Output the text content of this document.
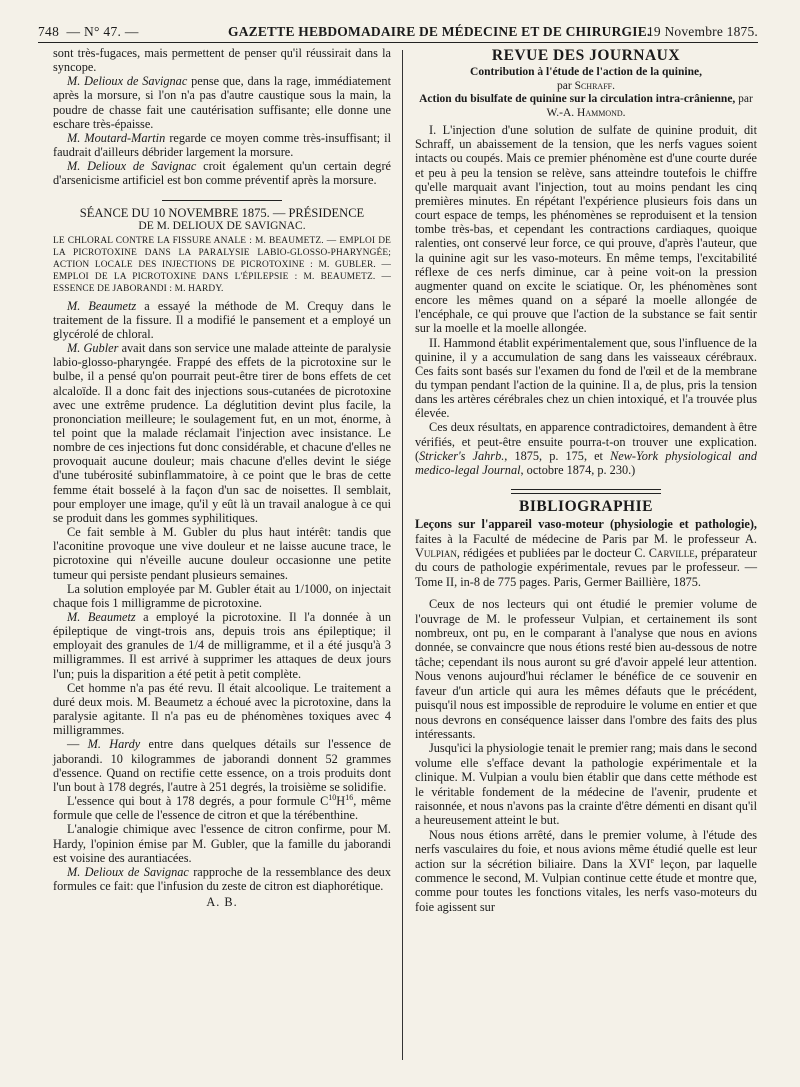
748 — N° 47. —	GAZETTE HEBDOMADAIRE DE MÉDECINE ET DE CHIRURGIE.
19 Novembre 1875.

sont très-fugaces, mais permettent de penser qu'il réussirait dans la syncope.

M. Delioux de Savignac pense que, dans la rage, immédiatement après la morsure, si l'on n'a pas d'autre caustique sous la main, la poudre de chasse fait une cautérisation suffisante; elle donne une eschare très-épaisse.

M. Moutard-Martin regarde ce moyen comme très-insuffisant; il faudrait d'ailleurs débrider largement la morsure.

M. Delioux de Savignac croit également qu'un certain degré d'arsenicisme artificiel est bon comme préventif après la morsure.

SÉANCE DU 10 NOVEMBRE 1875. — PRÉSIDENCE
DE M. DELIOUX DE SAVIGNAC.
LE CHLORAL CONTRE LA FISSURE ANALE : M. BEAUMETZ. — EMPLOI DE LA PICROTOXINE DANS LA PARALYSIE LABIO-GLOSSO-PHARYNGÉE; ACTION LOCALE DES INJECTIONS DE PICROTOXINE : M. GUBLER. — EMPLOI DE LA PICROTOXINE DANS L'ÉPILEPSIE : M. BEAUMETZ. — ESSENCE DE JABORANDI : M. HARDY.

M. Beaumetz a essayé la méthode de M. Crequy dans le traitement de la fissure. Il a modifié le pansement et a employé un glycérolé de chloral.

M. Gubler avait dans son service une malade atteinte de paralysie labio-glosso-pharyngée. Frappé des effets de la picrotoxine sur le bulbe, il a pensé qu'on pourrait peut-être tirer de bons effets de cet alcaloïde. Il a donc fait des injections sous-cutanées de picrotoxine avec une extrême prudence. La déglutition devint plus facile, la prononciation meilleure; le soulagement fut, en un mot, énorme, à tel point que la malade réclamait l'injection avec insistance. Le nombre de ces injections fut donc considérable, et chacune d'elles ne provoquait aucune douleur; mais chacune d'elles devint le siége d'une tubérosité subinflammatoire, à ce point que le bras de cette femme était bosselé à la façon d'un sac de noisettes. Il semblait, pour employer une image, qu'il y eût là un travail analogue à ce qui se produit dans les gommes syphilitiques.

Ce fait semble à M. Gubler du plus haut intérêt: tandis que l'aconitine provoque une vive douleur et ne laisse aucune trace, le picrotoxine qui n'éveille aucune douleur occasionne une petite tumeur qui persiste pendant plusieurs semaines.

La solution employée par M. Gubler était au 1/1000, on injectait chaque fois 1 milligramme de picrotoxine.

M. Beaumetz a employé la picrotoxine. Il l'a donnée à un épileptique de vingt-trois ans, depuis trois ans épileptique; il employait des granules de 1/4 de milligramme, et il a été jusqu'à 3 milligrammes. Il est arrivé à supprimer les attaques de deux jours l'un; puis la disparition a été petit à petit complète.

Cet homme n'a pas été revu. Il était alcoolique. Le traitement a duré deux mois. M. Beaumetz a échoué avec la picrotoxine, dans la paralysie agitante. Il n'a pas eu de phénomènes toxiques avec 4 milligrammes.

— M. Hardy entre dans quelques détails sur l'essence de jaborandi. 10 kilogrammes de jaborandi donnent 52 grammes d'essence. Quand on rectifie cette essence, on a trois produits dont l'un bout à 178 degrés, l'autre à 251 degrés, la troisième se solidifie.

L'essence qui bout à 178 degrés, a pour formule $C^{10}H^{16}$, même formule que celle de l'essence de citron et que la térébenthine.

L'analogie chimique avec l'essence de citron confirme, pour M. Hardy, l'opinion émise par M. Gubler, que la famille du jaborandi est voisine des aurantiacées.

M. Delioux de Savignac rapproche de la ressemblance des deux formules ce fait: que l'infusion du zeste de citron est diaphorétique.

A. B.
REVUE DES JOURNAUX
Contribution à l'étude de l'action de la quinine,
par Schraff.
Action du bisulfate de quinine sur la circulation intra-crânienne, par W.-A. Hammond.

I. L'injection d'une solution de sulfate de quinine produit, dit Schraff, un abaissement de la tension, que les nerfs vagues soient intacts ou coupés. Mais ce premier phénomène est d'une courte durée et peu à peu la tension se relève, sans atteindre toutefois le chiffre qu'elle marquait avant l'injection, tout au moins pendant les cinq premières minutes. En répétant l'expérience plusieurs fois dans un court espace de temps, les phénomènes se reproduisent et la tension tombe très-bas, et cependant les contractions cardiaques, quoique ralenties, ont conservé leur force, ce qui prouve, d'après l'auteur, que la quinine agit sur les vaso-moteurs. En même temps, l'excitabilité réflexe de ces nerfs diminue, car à peine voit-on la pression augmenter quand on excite le sciatique. Or, les phénomènes sont encore les mêmes quand on a séparé la moelle allongée de l'encéphale, ce qui prouve que l'action de la substance se fait sentir sur la moelle et la moelle allongée.

II. Hammond établit expérimentalement que, sous l'influence de la quinine, il y a accumulation de sang dans les vaisseaux cérébraux. Ces faits sont basés sur l'examen du fond de l'œil et de la membrane du tympan pendant l'action de la quinine. Il a, de plus, pris la tension dans les artères cérébrales chez un chien intoxiqué, et l'a trouvée plus élevée.

Ces deux résultats, en apparence contradictoires, demandent à être vérifiés, et peut-être ensuite pourra-t-on trouver une explication. (Stricker's Jahrb., 1875, p. 175, et New-York physiological and medico-legal Journal, octobre 1874, p. 230.)

BIBLIOGRAPHIE

Leçons sur l'appareil vaso-moteur (physiologie et pathologie), faites à la Faculté de médecine de Paris par M. le professeur A. Vulpian, rédigées et publiées par le docteur C. Carville, préparateur du cours de pathologie expérimentale, revues par le professeur. — Tome II, in-8 de 775 pages. Paris, Germer Baillière, 1875.

Ceux de nos lecteurs qui ont étudié le premier volume de l'ouvrage de M. le professeur Vulpian, et certainement ils sont nombreux, ont pu, en le comparant à l'analyse que nous en avions donnée, se convaincre que nous étions resté bien au-dessous de notre tâche; cependant ils nous auront su gré d'avoir appelé leur attention. Nous venons aujourd'hui réclamer le bénéfice de ce souvenir en faveur d'un article qui aura les mêmes défauts que le précédent, puisqu'il nous est impossible de reproduire le volume en entier et que nous devrons en conséquence laisser dans l'ombre des faits des plus intéressants.

Jusqu'ici la physiologie tenait le premier rang; mais dans le second volume elle s'efface devant la pathologie expérimentale et la clinique. M. Vulpian a voulu bien établir que dans cette méthode est le véritable fondement de la médecine de l'avenir, prudente et raisonnée, et nous n'avons pas la crainte d'être démenti en disant qu'il a heureusement atteint le but.

Nous nous étions arrêté, dans le premier volume, à l'étude des nerfs vasculaires du foie, et nous avions même étudié quelle est leur action sur la sécrétion biliaire. Dans la XVIe leçon, par laquelle commence le second, M. Vulpian continue cette étude et montre que, comme pour toutes les fonctions vitales, les nerfs vaso-moteurs du foie agissent sur
